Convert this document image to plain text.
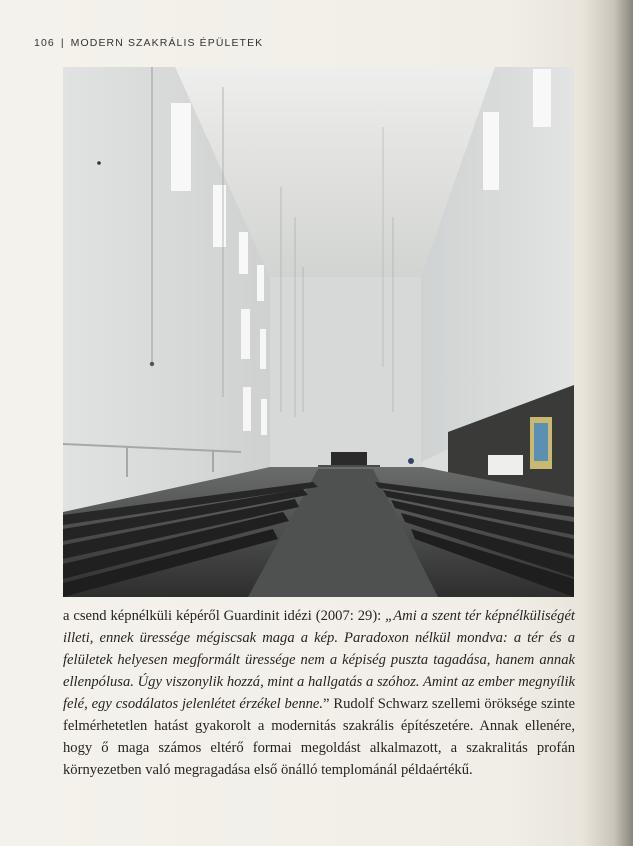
106 | MODERN SZAKRÁLIS ÉPÜLETEK

a csend képnélküli képéről Guardinit idézi (2007: 29): „Ami a szent tér képnélküliségét illeti, ennek üressége mégiscsak maga a kép. Paradoxon nélkül mondva: a tér és a felületek helyesen megformált üressége nem a képiség puszta tagadása, hanem annak ellenpólusa. Úgy viszonylik hozzá, mint a hallgatás a szóhoz. Amint az ember megnyílik felé, egy csodálatos jelenlétet érzékel benne.” Rudolf Schwarz szellemi öröksége szinte felmérhetetlen hatást gyakorolt a modernitás szakrális építészetére. Annak ellenére, hogy ő maga számos eltérő formai megoldást alkalmazott, a szakralitás profán környezetben való megragadása első önálló templománál példaértékű.
